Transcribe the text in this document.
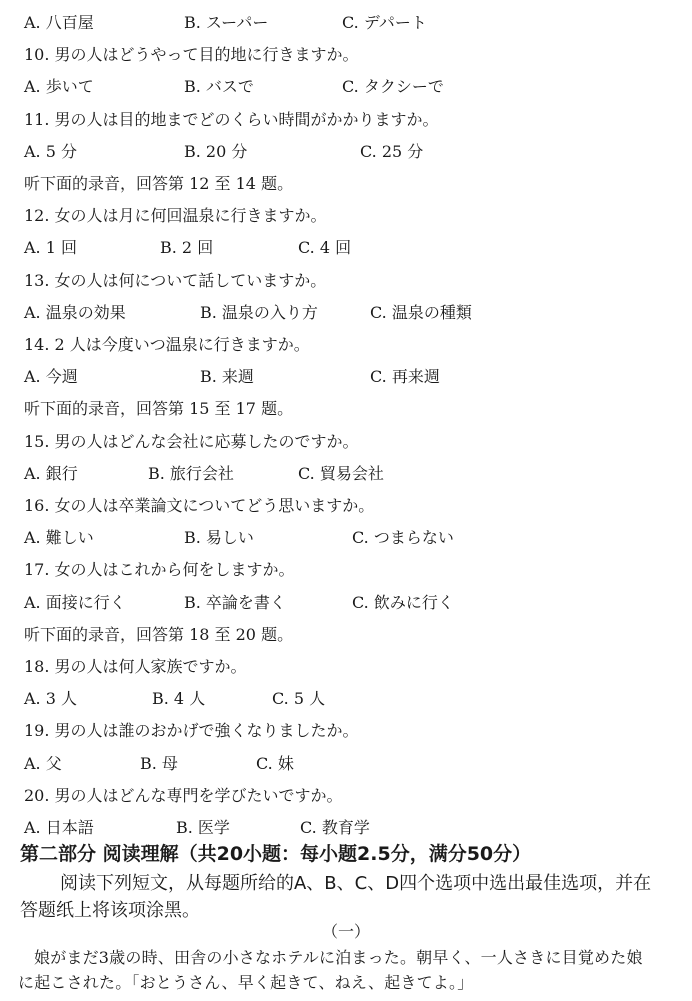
A. 八百屋	B. スーパー	C. デパート
10. 男の人はどうやって目的地に行きますか。
A. 歩いて	B. バスで	C. タクシーで
11. 男の人は目的地までどのくらい時間がかかりますか。
A. 5 分	B. 20 分	C. 25 分
听下面的录音，回答第 12 至 14 题。
12. 女の人は月に何回温泉に行きますか。
A. 1 回	B. 2 回	C. 4 回
13. 女の人は何について話していますか。
A. 温泉の効果	B. 温泉の入り方	C. 温泉の種類
14. 2 人は今度いつ温泉に行きますか。
A. 今週	B. 来週	C. 再来週
听下面的录音，回答第 15 至 17 题。
15. 男の人はどんな会社に応募したのですか。
A. 銀行	B. 旅行会社	C. 貿易会社
16. 女の人は卒業論文についてどう思いますか。
A. 難しい	B. 易しい	C. つまらない
17. 女の人はこれから何をしますか。
A. 面接に行く	B. 卒論を書く	C. 飲みに行く
听下面的录音，回答第 18 至 20 题。
18. 男の人は何人家族ですか。
A. 3 人	B. 4 人	C. 5 人
19. 男の人は誰のおかげで強くなりましたか。
A. 父	B. 母	C. 妹
20. 男の人はどんな専門を学びたいですか。
A. 日本語	B. 医学	C. 教育学
第二部分 阅读理解（共20小题：每小题2.5分，满分50分）
阅读下列短文，从每题所给的A、B、C、D四个选项中选出最佳选项，并在答题纸上将该项涂黑。
（一）
娘がまだ3歳の時、田舎の小さなホテルに泊まった。朝早く、一人さきに目覚めた娘に起こされた。「おとうさん、早く起きて、ねえ、起きてよ。」
